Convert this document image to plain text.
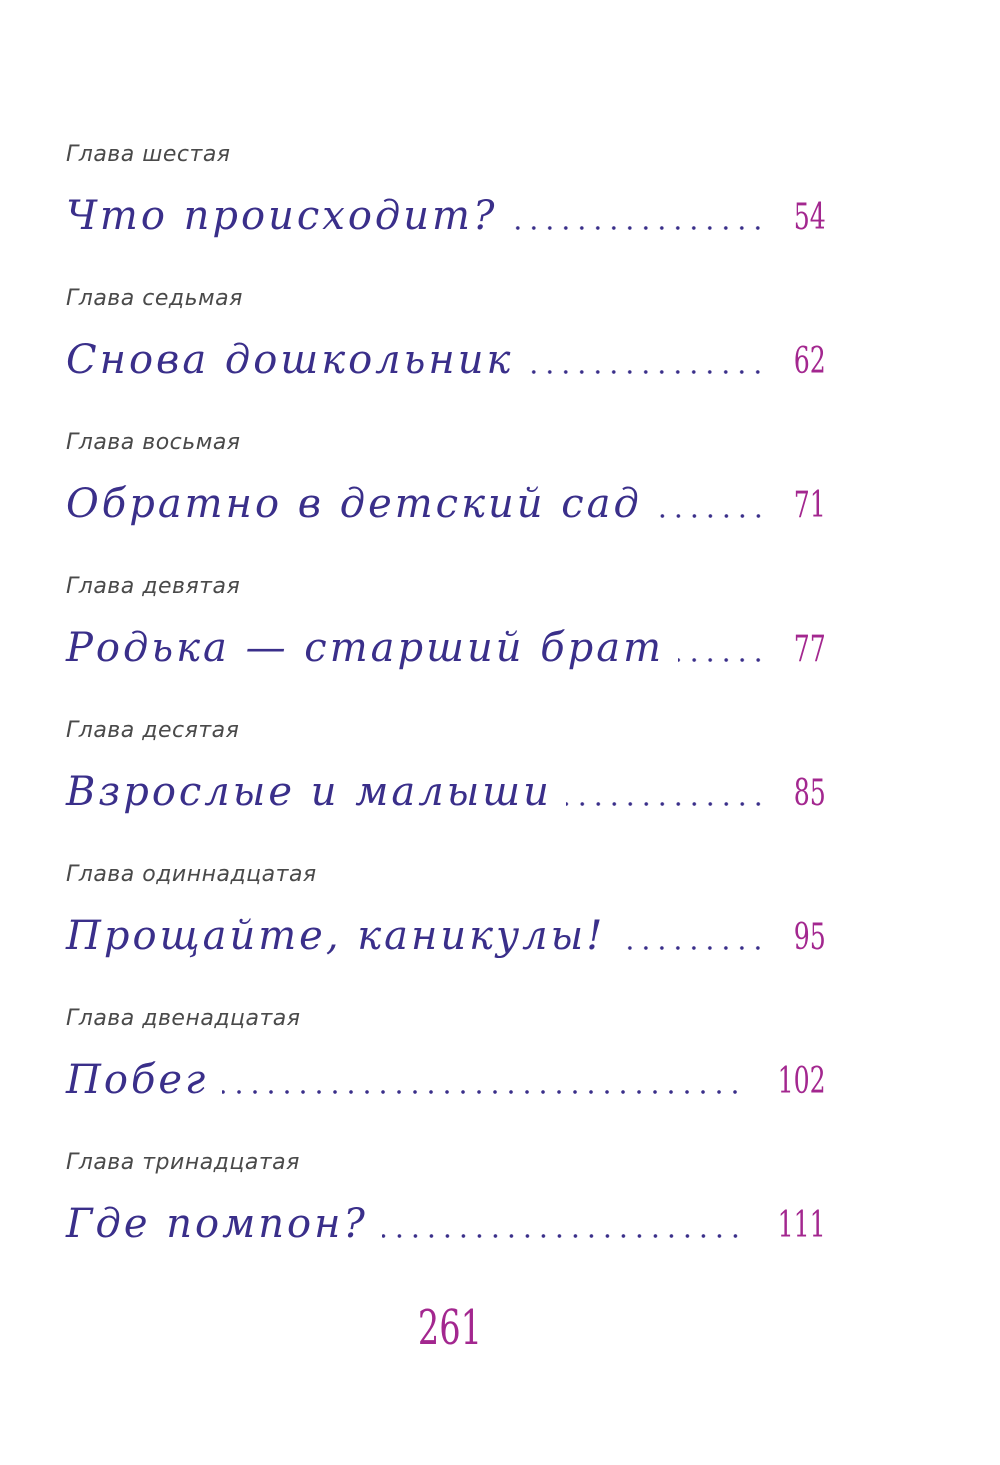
Глава шестая
Что происходит?	54
Глава седьмая
Снова дошкольник	62
Глава восьмая
Обратно в детский сад	71
Глава девятая
Родька — старший брат	77
Глава десятая
Взрослые и малыши	85
Глава одиннадцатая
Прощайте, каникулы!	95
Глава двенадцатая
Побег	102
Глава тринадцатая
Где помпон?	111
261
